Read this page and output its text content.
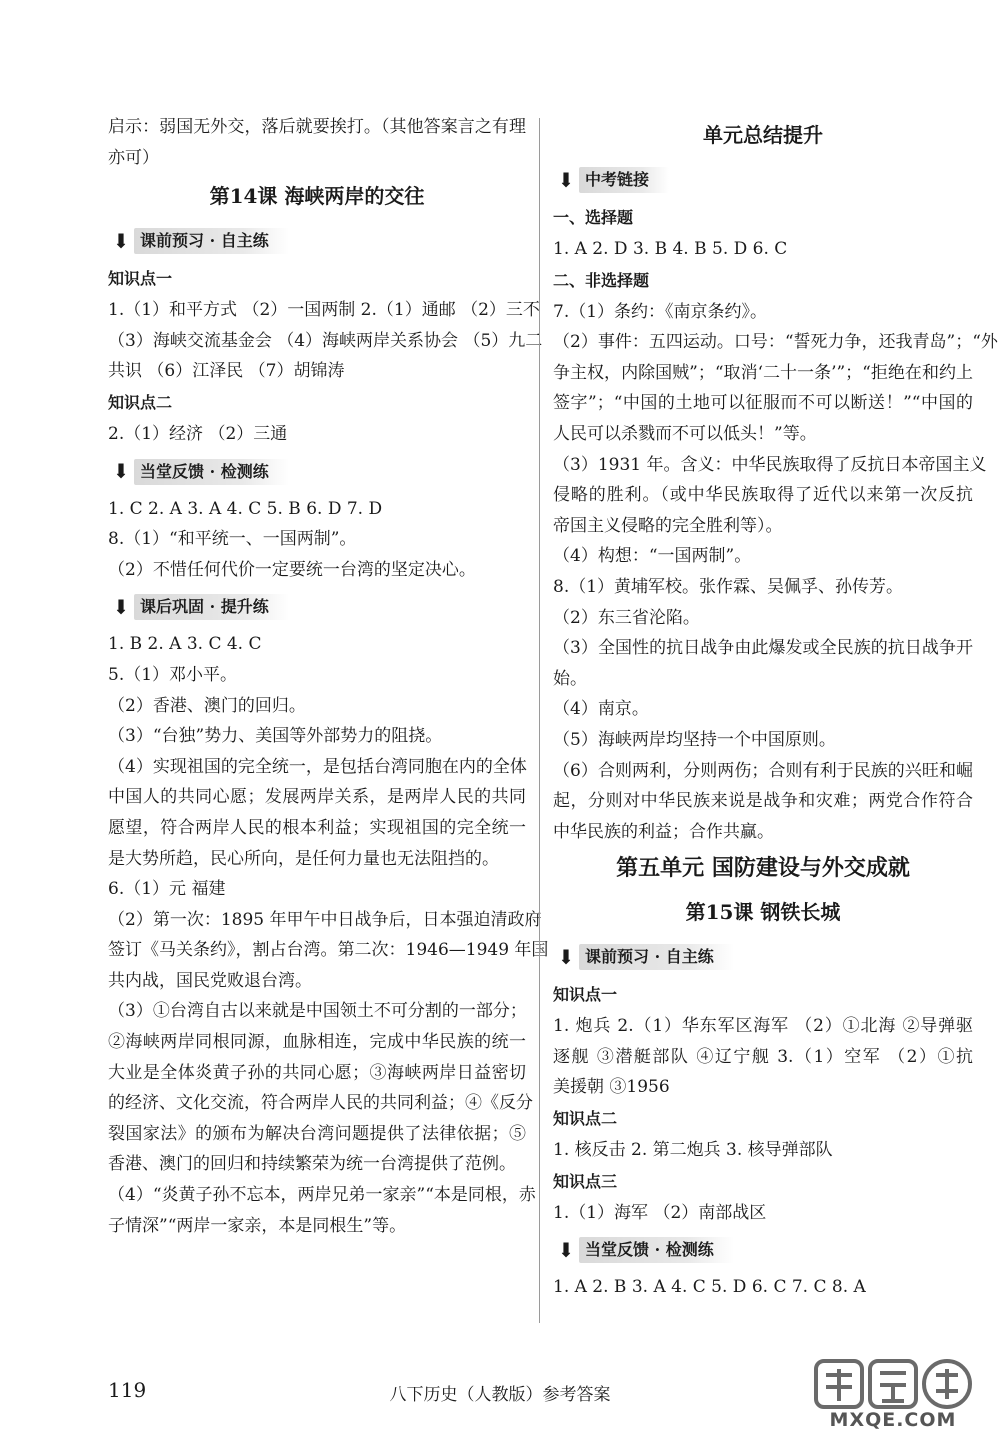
启示：弱国无外交，落后就要挨打。（其他答案言之有理
亦可）
第14课 海峡两岸的交往
⬇ 课前预习 · 自主练
知识点一
1.（1）和平方式 （2）一国两制 2.（1）通邮 （2）三不
（3）海峡交流基金会 （4）海峡两岸关系协会 （5）九二
共识 （6）江泽民 （7）胡锦涛
知识点二
2.（1）经济 （2）三通
⬇ 当堂反馈 · 检测练
1. C 2. A 3. A 4. C 5. B 6. D 7. D
8.（1）“和平统一、一国两制”。
（2）不惜任何代价一定要统一台湾的坚定决心。
⬇ 课后巩固 · 提升练
1. B 2. A 3. C 4. C
5.（1）邓小平。
（2）香港、澳门的回归。
（3）“台独”势力、美国等外部势力的阻挠。
（4）实现祖国的完全统一，是包括台湾同胞在内的全体
中国人的共同心愿；发展两岸关系，是两岸人民的共同
愿望，符合两岸人民的根本利益；实现祖国的完全统一
是大势所趋，民心所向，是任何力量也无法阻挡的。
6.（1）元 福建
（2）第一次：1895 年甲午中日战争后，日本强迫清政府
签订《马关条约》，割占台湾。第二次：1946—1949 年国
共内战，国民党败退台湾。
（3）①台湾自古以来就是中国领土不可分割的一部分；
②海峡两岸同根同源，血脉相连，完成中华民族的统一
大业是全体炎黄子孙的共同心愿；③海峡两岸日益密切
的经济、文化交流，符合两岸人民的共同利益；④《反分
裂国家法》的颁布为解决台湾问题提供了法律依据；⑤
香港、澳门的回归和持续繁荣为统一台湾提供了范例。
（4）“炎黄子孙不忘本，两岸兄弟一家亲”“本是同根，赤
子情深”“两岸一家亲，本是同根生”等。
单元总结提升
⬇ 中考链接
一、选择题
1. A 2. D 3. B 4. B 5. D 6. C
二、非选择题
7.（1）条约：《南京条约》。
（2）事件：五四运动。口号：“誓死力争，还我青岛”；“外
争主权，内除国贼”；“取消‘二十一条’”；“拒绝在和约上
签字”；“中国的土地可以征服而不可以断送！”“中国的
人民可以杀戮而不可以低头！”等。
（3）1931 年。含义：中华民族取得了反抗日本帝国主义
侵略的胜利。（或中华民族取得了近代以来第一次反抗
帝国主义侵略的完全胜利等）。
（4）构想：“一国两制”。
8.（1）黄埔军校。张作霖、吴佩孚、孙传芳。
（2）东三省沦陷。
（3）全国性的抗日战争由此爆发或全民族的抗日战争开
始。
（4）南京。
（5）海峡两岸均坚持一个中国原则。
（6）合则两利，分则两伤；合则有利于民族的兴旺和崛
起，分则对中华民族来说是战争和灾难；两党合作符合
中华民族的利益；合作共赢。
第五单元 国防建设与外交成就
第15课 钢铁长城
⬇ 课前预习 · 自主练
知识点一
1. 炮兵 2.（1）华东军区海军 （2）①北海 ②导弹驱
逐舰 ③潜艇部队 ④辽宁舰 3.（1）空军 （2）①抗
美援朝 ③1956
知识点二
1. 核反击 2. 第二炮兵 3. 核导弹部队
知识点三
1.（1）海军 （2）南部战区
⬇ 当堂反馈 · 检测练
1. A 2. B 3. A 4. C 5. D 6. C 7. C 8. A
119	八下历史（人教版）参考答案
MXQE.COM
